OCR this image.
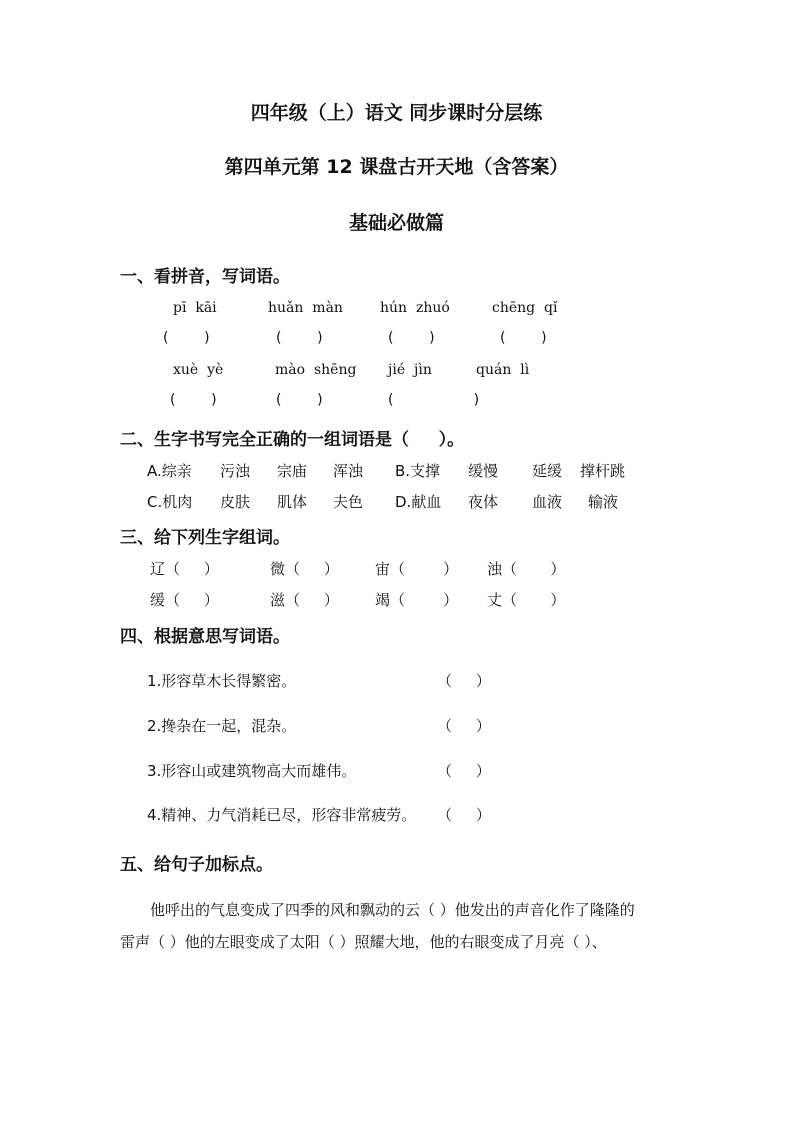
四年级（上）语文 同步课时分层练
第四单元第 12 课盘古开天地（含答案）
基础必做篇
一、看拼音，写词语。
pī  kāi	huǎn  màn	hún  zhuó	chēng  qǐ
(        )	(        )	(        )	(        )
xuè  yè	mào  shēng jié  jìn	quán  lì
(        )	(        )	(                  )
二、生字书写完全正确的一组词语是（     ）。
A.综亲 污浊 宗庙 浑浊 B.支撑 缓慢 延缓 撑杆跳
C.机肉 皮肤 肌体 夫色 D.献血 夜体 血液 输液
三、给下列生字组词。
辽（     ）	微（     ） 宙（        ） 浊（       ）
缓（     ）	滋（     ） 竭（        ） 丈（       ）
四、根据意思写词语。
1.形容草木长得繁密。	（     ）
2.搀杂在一起，混杂。	（     ）
3.形容山或建筑物高大而雄伟。	（     ）
4.精神、力气消耗已尽，形容非常疲劳。 （     ）
五、给句子加标点。
他呼出的气息变成了四季的风和飘动的云（ ）他发出的声音化作了隆隆的
雷声（ ）他的左眼变成了太阳（ ）照耀大地，他的右眼变成了月亮（ ）、
